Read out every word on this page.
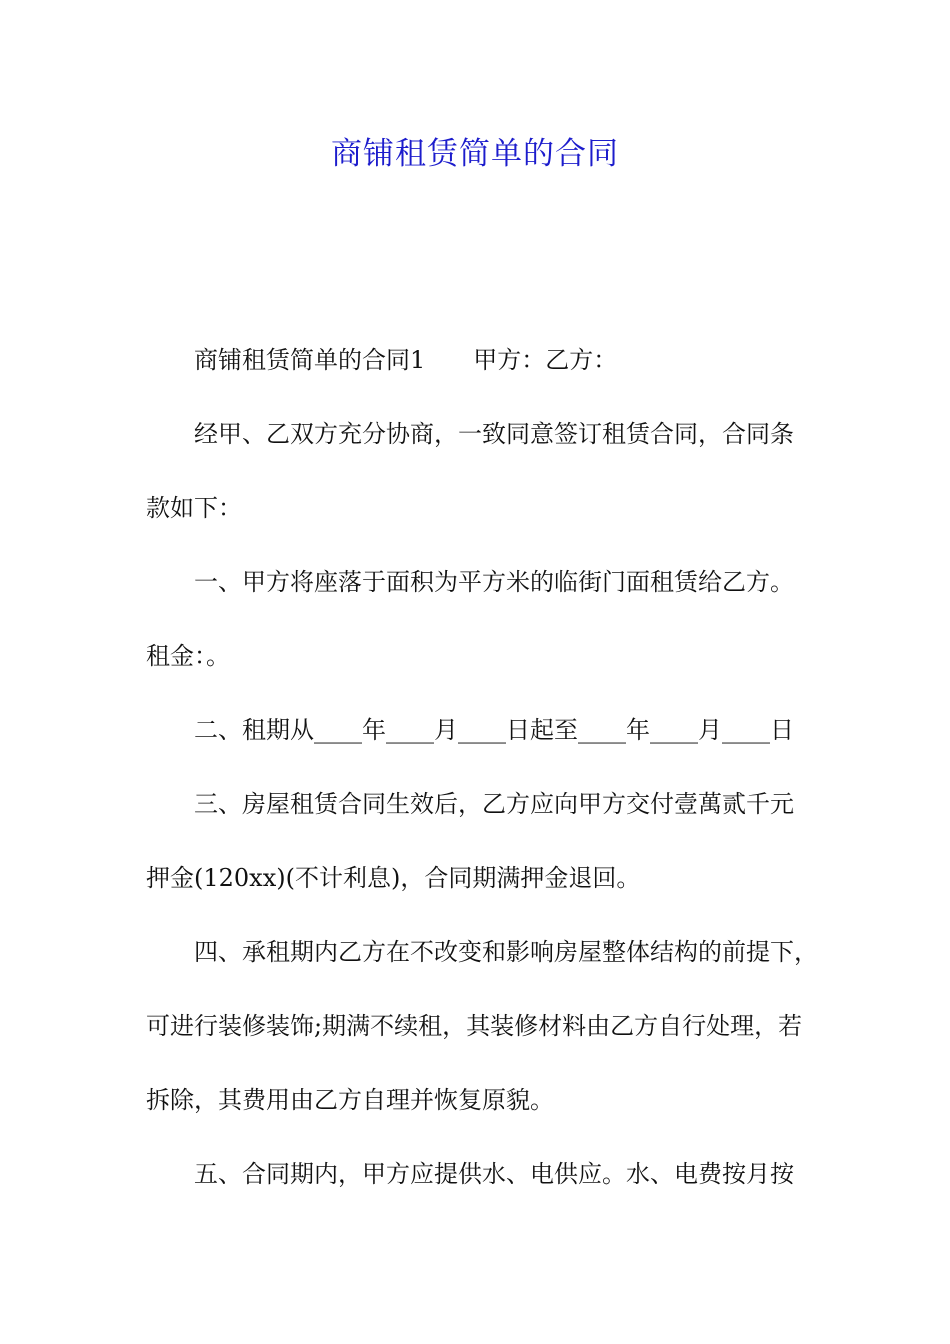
商铺租赁简单的合同
商铺租赁简单的合同1 甲方：乙方：
经甲、乙双方充分协商，一致同意签订租赁合同，合同条
款如下：
一、甲方将座落于面积为平方米的临街门面租赁给乙方。
租金：。
二、租期从____年____月____日起至____年____月____日
三、房屋租赁合同生效后，乙方应向甲方交付壹萬贰千元
押金(120xx)(不计利息)，合同期满押金退回。
四、承租期内乙方在不改变和影响房屋整体结构的前提下，
可进行装修装饰;期满不续租，其装修材料由乙方自行处理，若
拆除，其费用由乙方自理并恢复原貌。
五、合同期内，甲方应提供水、电供应。水、电费按月按
